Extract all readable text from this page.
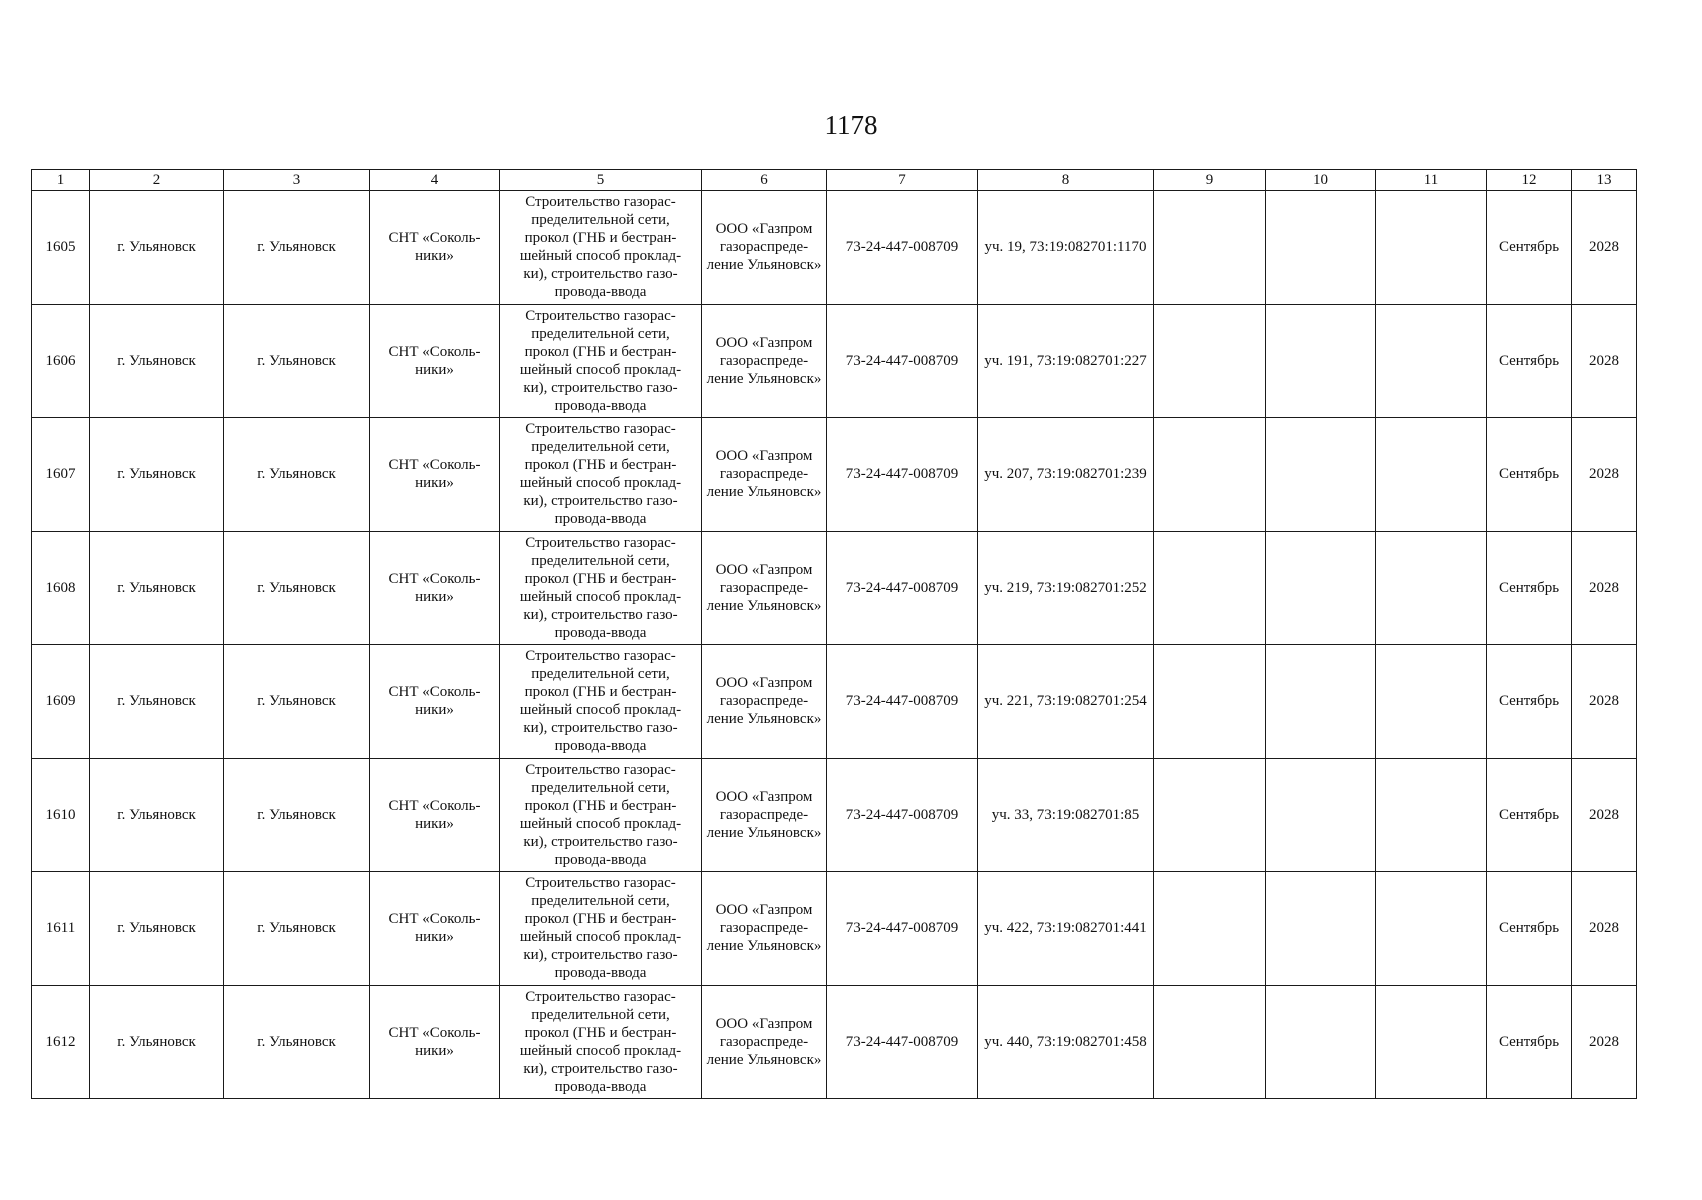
1178
1	2	3	4	5	6	7	8	9	10	11	12	13
1605	г. Ульяновск	г. Ульяновск	СНТ «Соколь- ники»	Строительство газорас- пределительной сети, прокол (ГНБ и бестран- шейный способ проклад- ки), строительство газо- провода-ввода	ООО «Газпром газораспреде- ление Ульяновск»	73-24-447-008709	уч. 19, 73:19:082701:1170				Сентябрь	2028
1606	г. Ульяновск	г. Ульяновск	СНТ «Соколь- ники»	Строительство газорас- пределительной сети, прокол (ГНБ и бестран- шейный способ проклад- ки), строительство газо- провода-ввода	ООО «Газпром газораспреде- ление Ульяновск»	73-24-447-008709	уч. 191, 73:19:082701:227				Сентябрь	2028
1607	г. Ульяновск	г. Ульяновск	СНТ «Соколь- ники»	Строительство газорас- пределительной сети, прокол (ГНБ и бестран- шейный способ проклад- ки), строительство газо- провода-ввода	ООО «Газпром газораспреде- ление Ульяновск»	73-24-447-008709	уч. 207, 73:19:082701:239				Сентябрь	2028
1608	г. Ульяновск	г. Ульяновск	СНТ «Соколь- ники»	Строительство газорас- пределительной сети, прокол (ГНБ и бестран- шейный способ проклад- ки), строительство газо- провода-ввода	ООО «Газпром газораспреде- ление Ульяновск»	73-24-447-008709	уч. 219, 73:19:082701:252				Сентябрь	2028
1609	г. Ульяновск	г. Ульяновск	СНТ «Соколь- ники»	Строительство газорас- пределительной сети, прокол (ГНБ и бестран- шейный способ проклад- ки), строительство газо- провода-ввода	ООО «Газпром газораспреде- ление Ульяновск»	73-24-447-008709	уч. 221, 73:19:082701:254				Сентябрь	2028
1610	г. Ульяновск	г. Ульяновск	СНТ «Соколь- ники»	Строительство газорас- пределительной сети, прокол (ГНБ и бестран- шейный способ проклад- ки), строительство газо- провода-ввода	ООО «Газпром газораспреде- ление Ульяновск»	73-24-447-008709	уч. 33, 73:19:082701:85				Сентябрь	2028
1611	г. Ульяновск	г. Ульяновск	СНТ «Соколь- ники»	Строительство газорас- пределительной сети, прокол (ГНБ и бестран- шейный способ проклад- ки), строительство газо- провода-ввода	ООО «Газпром газораспреде- ление Ульяновск»	73-24-447-008709	уч. 422, 73:19:082701:441				Сентябрь	2028
1612	г. Ульяновск	г. Ульяновск	СНТ «Соколь- ники»	Строительство газорас- пределительной сети, прокол (ГНБ и бестран- шейный способ проклад- ки), строительство газо- провода-ввода	ООО «Газпром газораспреде- ление Ульяновск»	73-24-447-008709	уч. 440, 73:19:082701:458				Сентябрь	2028
